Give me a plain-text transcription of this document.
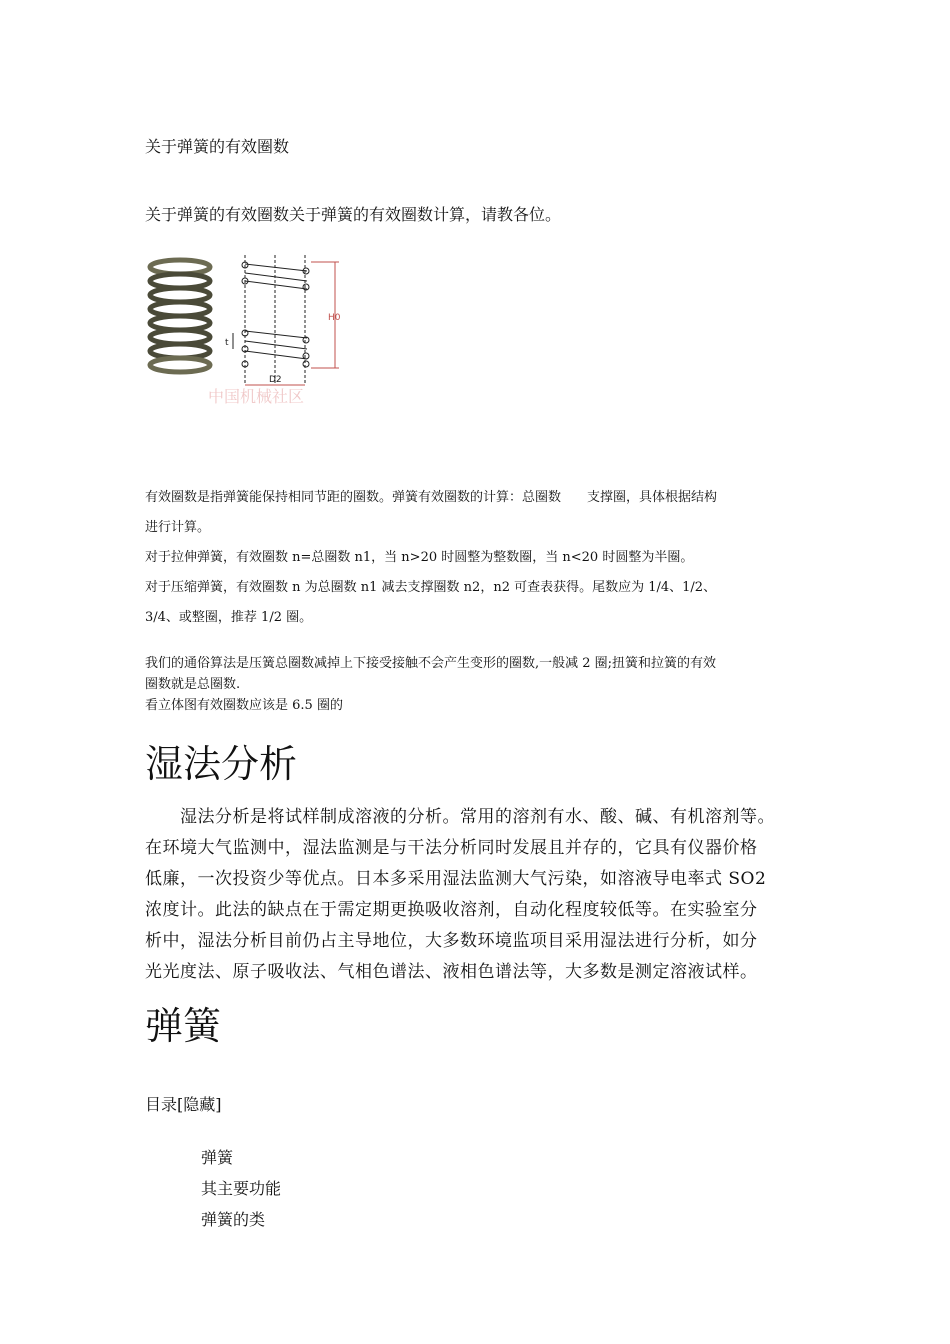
关于弹簧的有效圈数
关于弹簧的有效圈数关于弹簧的有效圈数计算，请教各位。
D2
H0
t
中国机械社区
有效圈数是指弹簧能保持相同节距的圈数。弹簧有效圈数的计算：总圈数　　支撑圈，具体根据结构
进行计算。
对于拉伸弹簧，有效圈数 n=总圈数 n1，当 n>20 时圆整为整数圈，当 n<20 时圆整为半圈。
对于压缩弹簧，有效圈数 n 为总圈数 n1 减去支撑圈数 n2，n2 可查表获得。尾数应为 1/4、1/2、
3/4、或整圈，推荐 1/2 圈。
我们的通俗算法是压簧总圈数减掉上下接受接触不会产生变形的圈数,一般减 2 圈;扭簧和拉簧的有效
圈数就是总圈数.
看立体图有效圈数应该是 6.5 圈的
湿法分析
　　湿法分析是将试样制成溶液的分析。常用的溶剂有水、酸、碱、有机溶剂等。
在环境大气监测中，湿法监测是与干法分析同时发展且并存的，它具有仪器价格
低廉，一次投资少等优点。日本多采用湿法监测大气污染，如溶液导电率式 SO2
浓度计。此法的缺点在于需定期更换吸收溶剂，自动化程度较低等。在实验室分
析中，湿法分析目前仍占主导地位，大多数环境监项目采用湿法进行分析，如分
光光度法、原子吸收法、气相色谱法、液相色谱法等，大多数是测定溶液试样。
弹簧
目录[隐藏]
弹簧
其主要功能
弹簧的类
